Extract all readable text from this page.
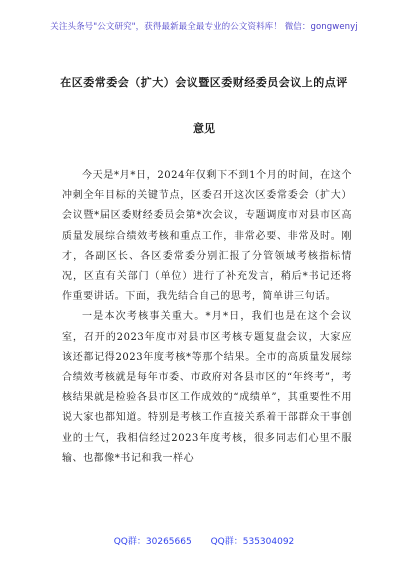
关注头条号"公文研究"，获得最新最全最专业的公文资料库！ 微信：gongwenyj
在区委常委会（扩大）会议暨区委财经委员会议上的点评
意见

今天是*月*日，2024年仅剩下不到1个月的时间，在这个冲刺全年目标的关键节点，区委召开这次区委常委会（扩大）会议暨*届区委财经委员会第*次会议，专题调度市对县市区高质量发展综合绩效考核和重点工作，非常必要、非常及时。刚才，各副区长、各区委常委分别汇报了分管领域考核指标情况，区直有关部门（单位）进行了补充发言，稍后*书记还将作重要讲话。下面，我先结合自己的思考，简单讲三句话。

一是本次考核事关重大。*月*日，我们也是在这个会议室，召开的2023年度市对县市区考核专题复盘会议，大家应该还都记得2023年度考核*等那个结果。全市的高质量发展综合绩效考核就是每年市委、市政府对各县市区的“年终考”，考核结果就是检验各县市区工作成效的“成绩单”，其重要性不用说大家也都知道。特别是考核工作直接关系着干部群众干事创业的士气，我相信经过2023年度考核，很多同志们心里不服输、也都像*书记和我一样心

QQ群：30265665 QQ群：535304092
